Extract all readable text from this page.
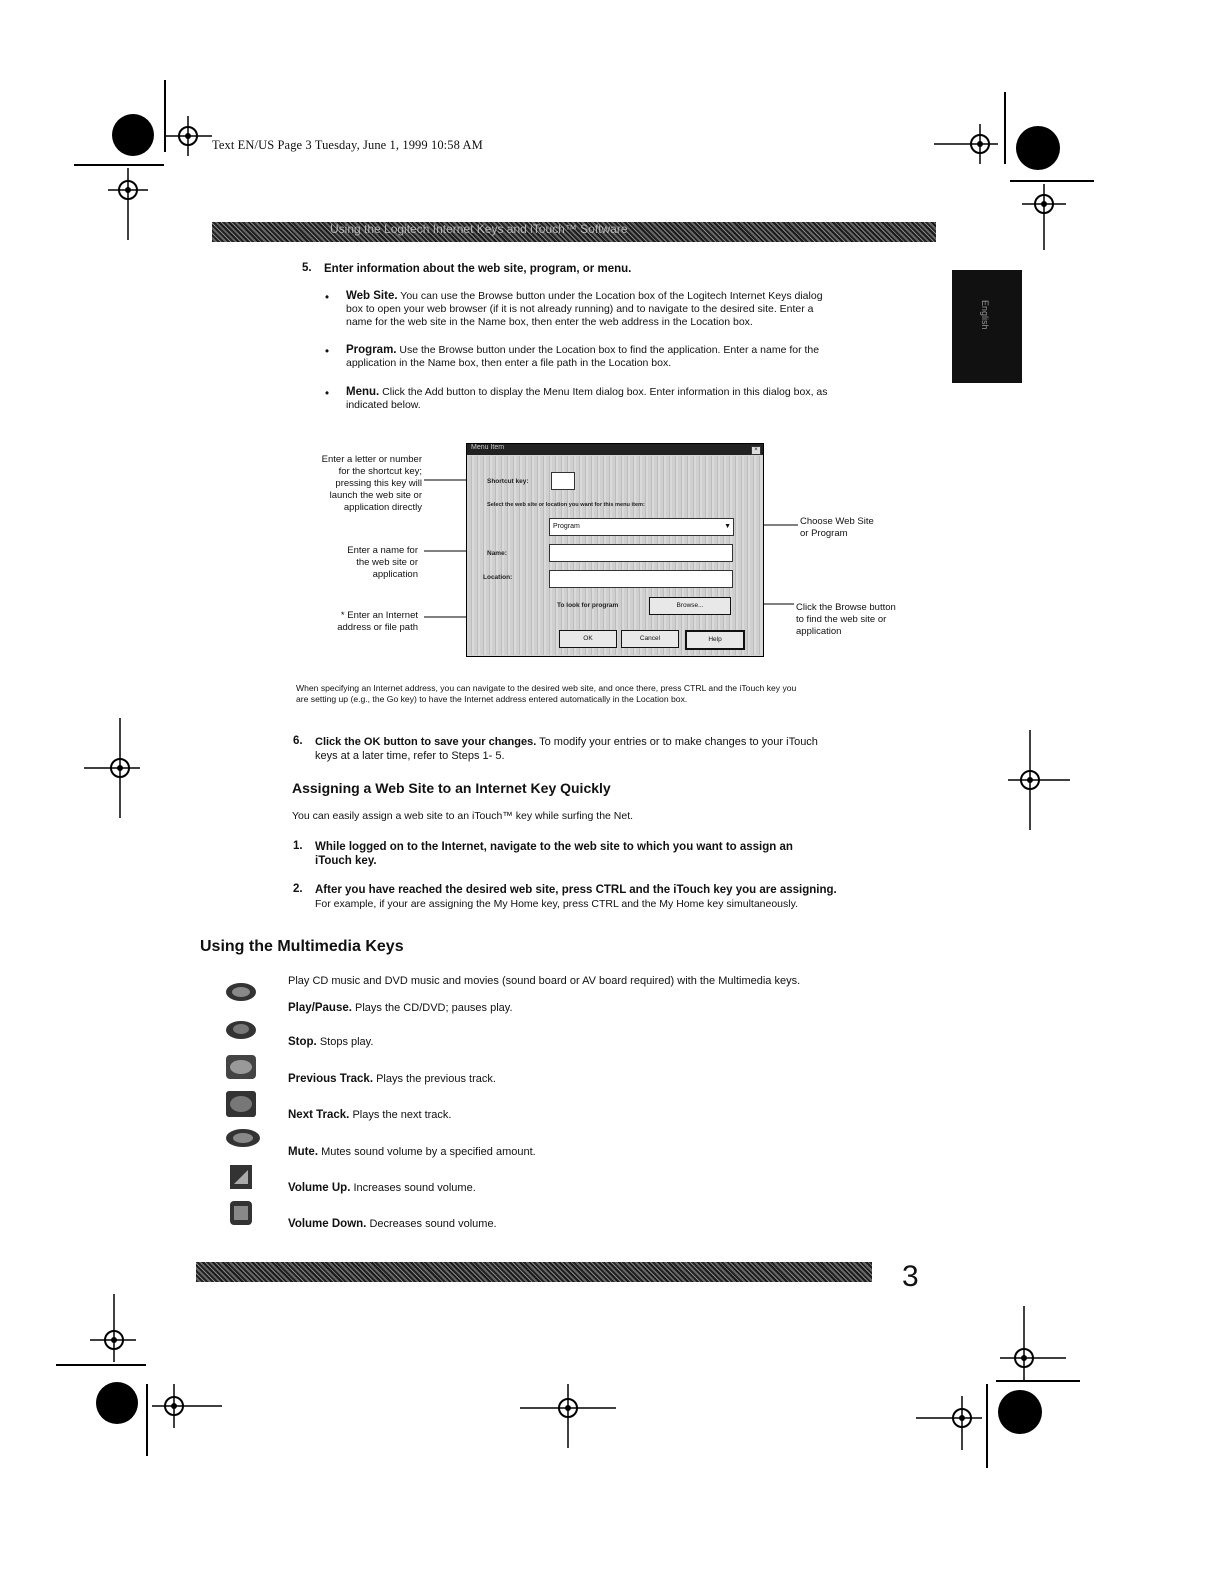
Text EN/US Page 3 Tuesday, June 1, 1999 10:58 AM
Using the Logitech Internet Keys and iTouch™ Software
English
5. Enter information about the web site, program, or menu.
• Web Site. You can use the Browse button under the Location box of the Logitech Internet Keys dialog
box to open your web browser (if it is not already running) and to navigate to the desired site. Enter a
name for the web site in the Name box, then enter the web address in the Location box.
• Program. Use the Browse button under the Location box to find the application. Enter a name for the
application in the Name box, then enter a file path in the Location box.
• Menu. Click the Add button to display the Menu Item dialog box. Enter information in this dialog box, as
indicated below.
Enter a letter or number
for the shortcut key;
pressing this key will
launch the web site or
application directly
Enter a name for
the web site or
application
* Enter an Internet
address or file path
Choose Web Site
or Program
Click the Browse button
to find the web site or
application
Menu Item	×
Shortcut key:
Select the web site or location you want for this menu item:
Program	▼
Name:
Location:
To look for program	Browse...
OK	Cancel	Help
When specifying an Internet address, you can navigate to the desired web site, and once there, press CTRL and the iTouch key you
are setting up (e.g., the Go key) to have the Internet address entered automatically in the Location box.
6. Click the OK button to save your changes. To modify your entries or to make changes to your iTouch
keys at a later time, refer to Steps 1- 5.
Assigning a Web Site to an Internet Key Quickly
You can easily assign a web site to an iTouch™ key while surfing the Net.
1. While logged on to the Internet, navigate to the web site to which you want to assign an
iTouch key.
2. After you have reached the desired web site, press CTRL and the iTouch key you are assigning.
For example, if your are assigning the My Home key, press CTRL and the My Home key simultaneously.
Using the Multimedia Keys
Play CD music and DVD music and movies (sound board or AV board required) with the Multimedia keys.
Play/Pause. Plays the CD/DVD; pauses play.
Stop. Stops play.
Previous Track. Plays the previous track.
Next Track. Plays the next track.
Mute. Mutes sound volume by a specified amount.
Volume Up. Increases sound volume.
Volume Down. Decreases sound volume.
3
